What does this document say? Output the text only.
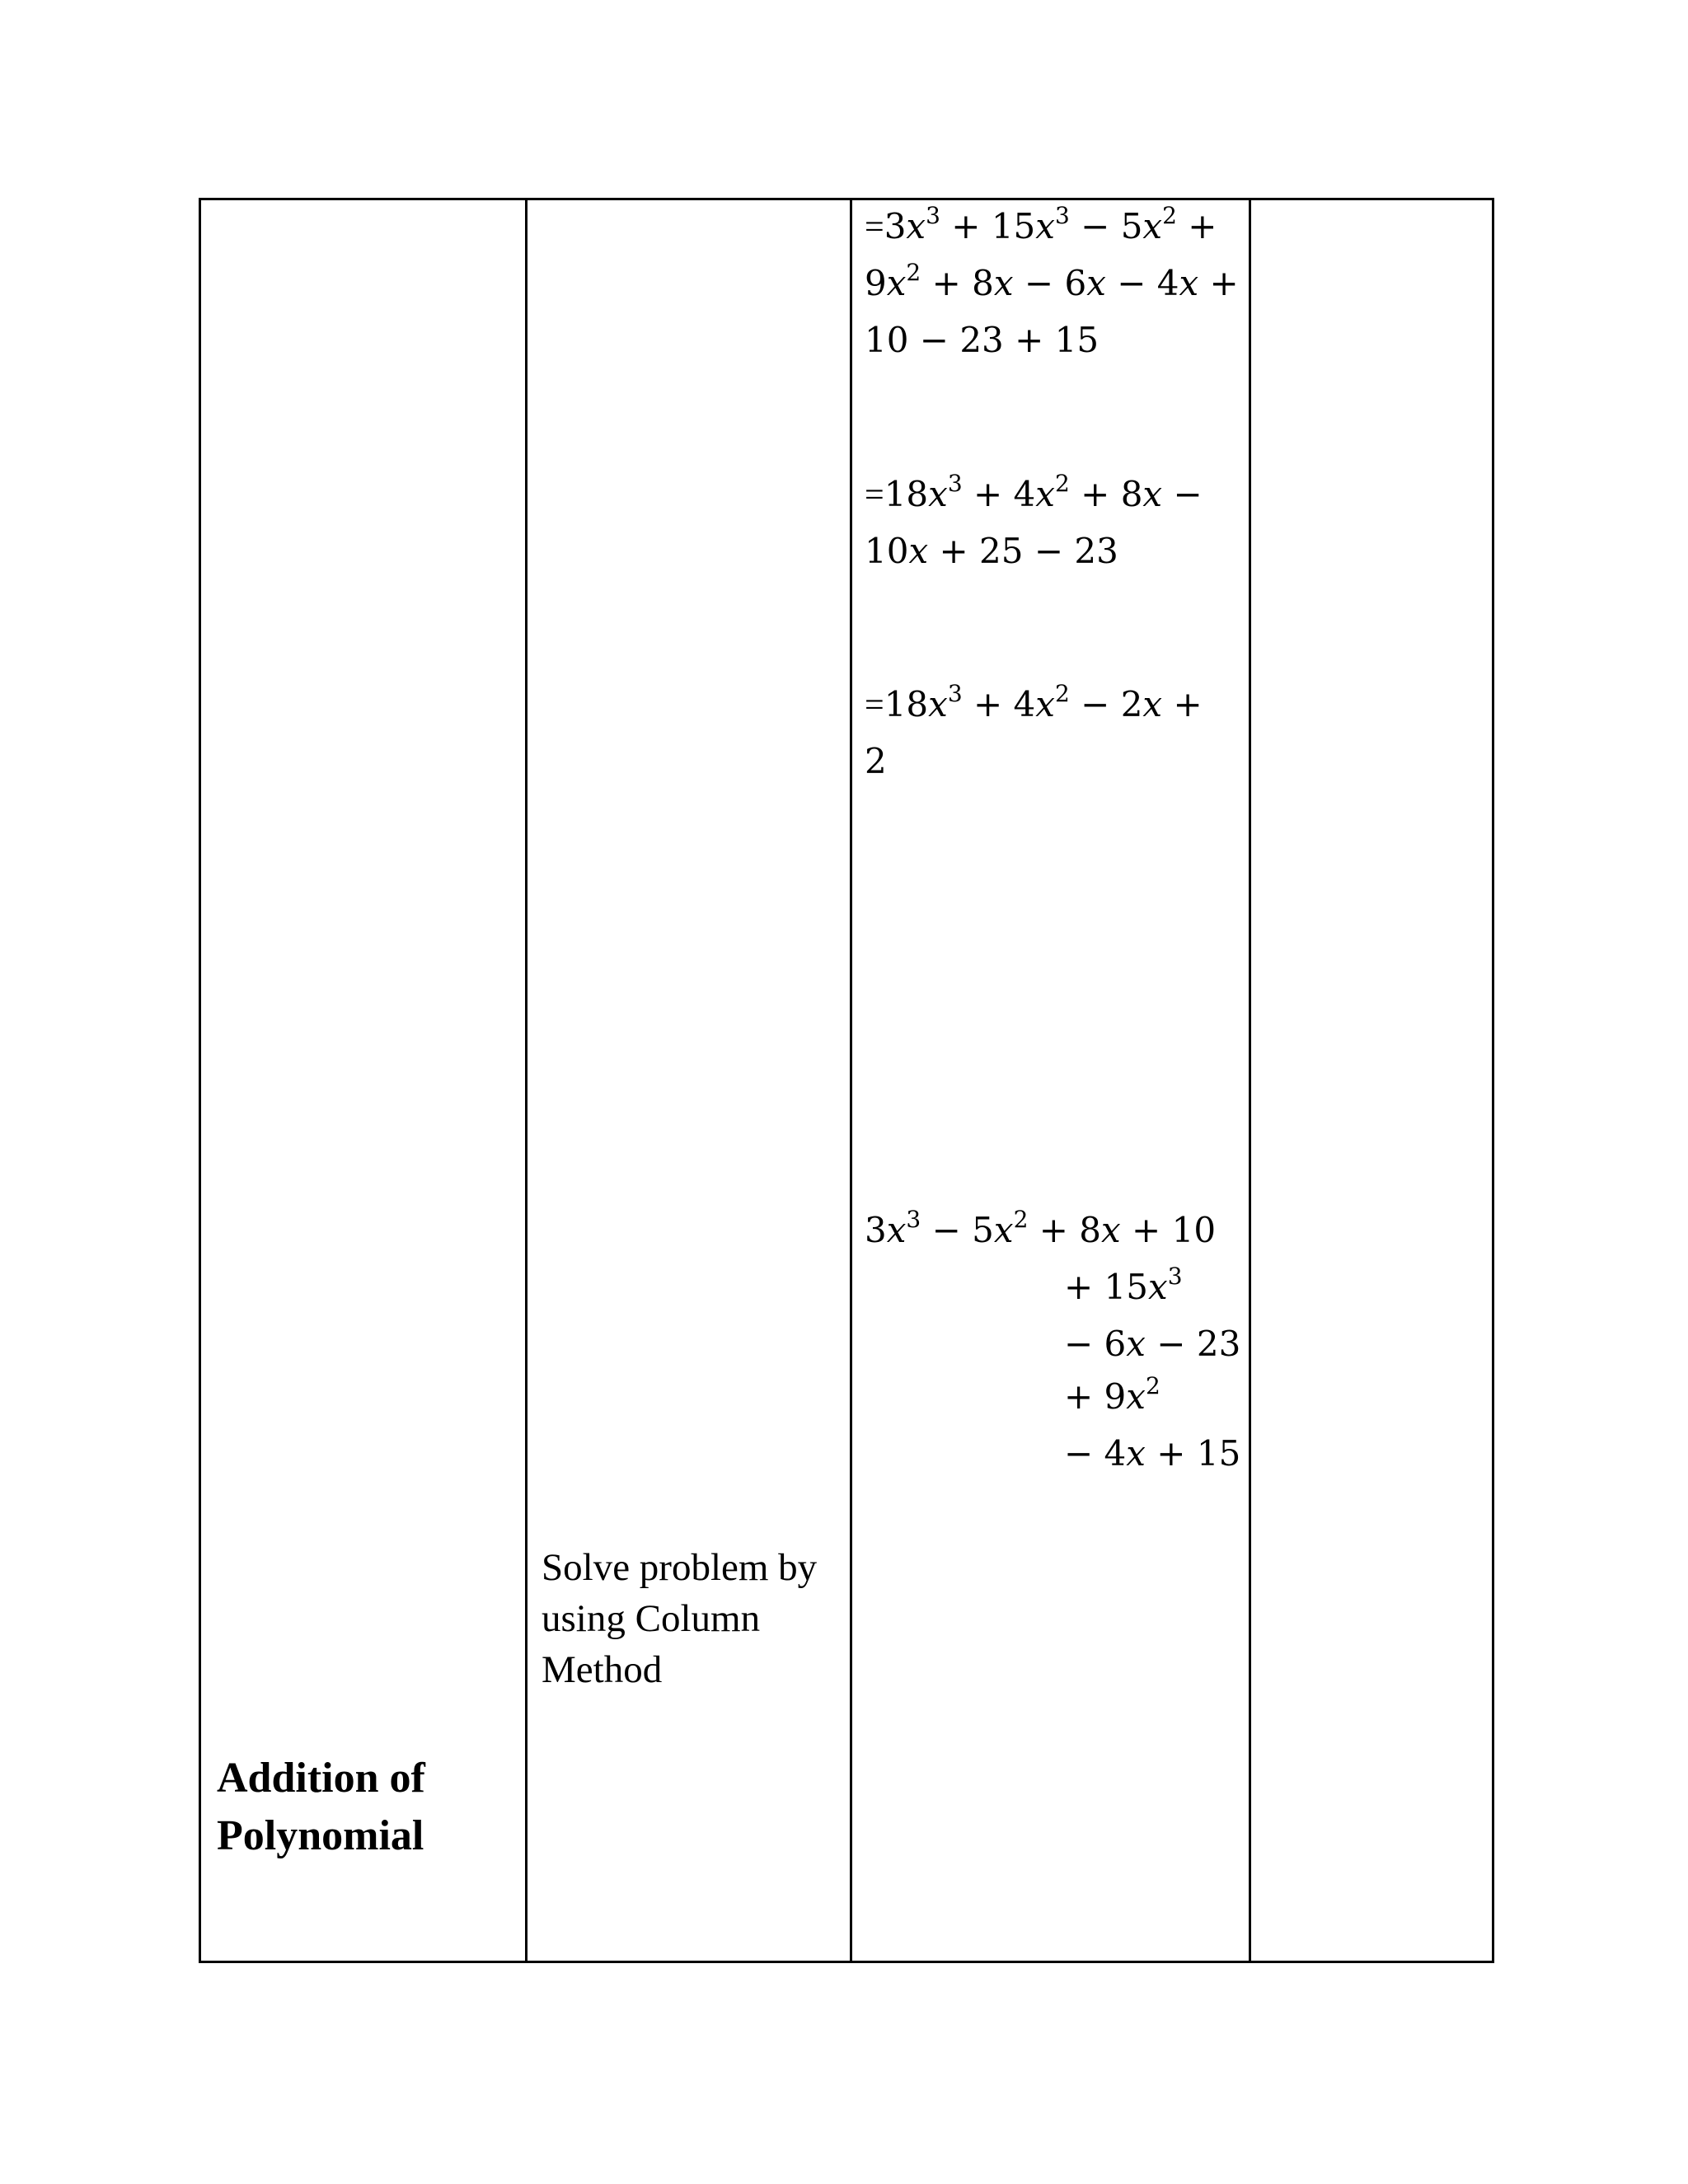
$=3x^3 + 15x^3 - 5x^2$ +
$9x^2 + 8x - 6x - 4x$ +
10 − 23 + 15
$=18x^3 + 4x^2 + 8x$ −
10x + 25 − 23
$=18x^3 + 4x^2 - 2x$ +
2
$3x^3 - 5x^2 + 8x + 10$
+ $15x^3$
− 6x − 23
+ $9x^2$
− 4x + 15
Solve problem by
using Column
Method
Addition of
Polynomial
